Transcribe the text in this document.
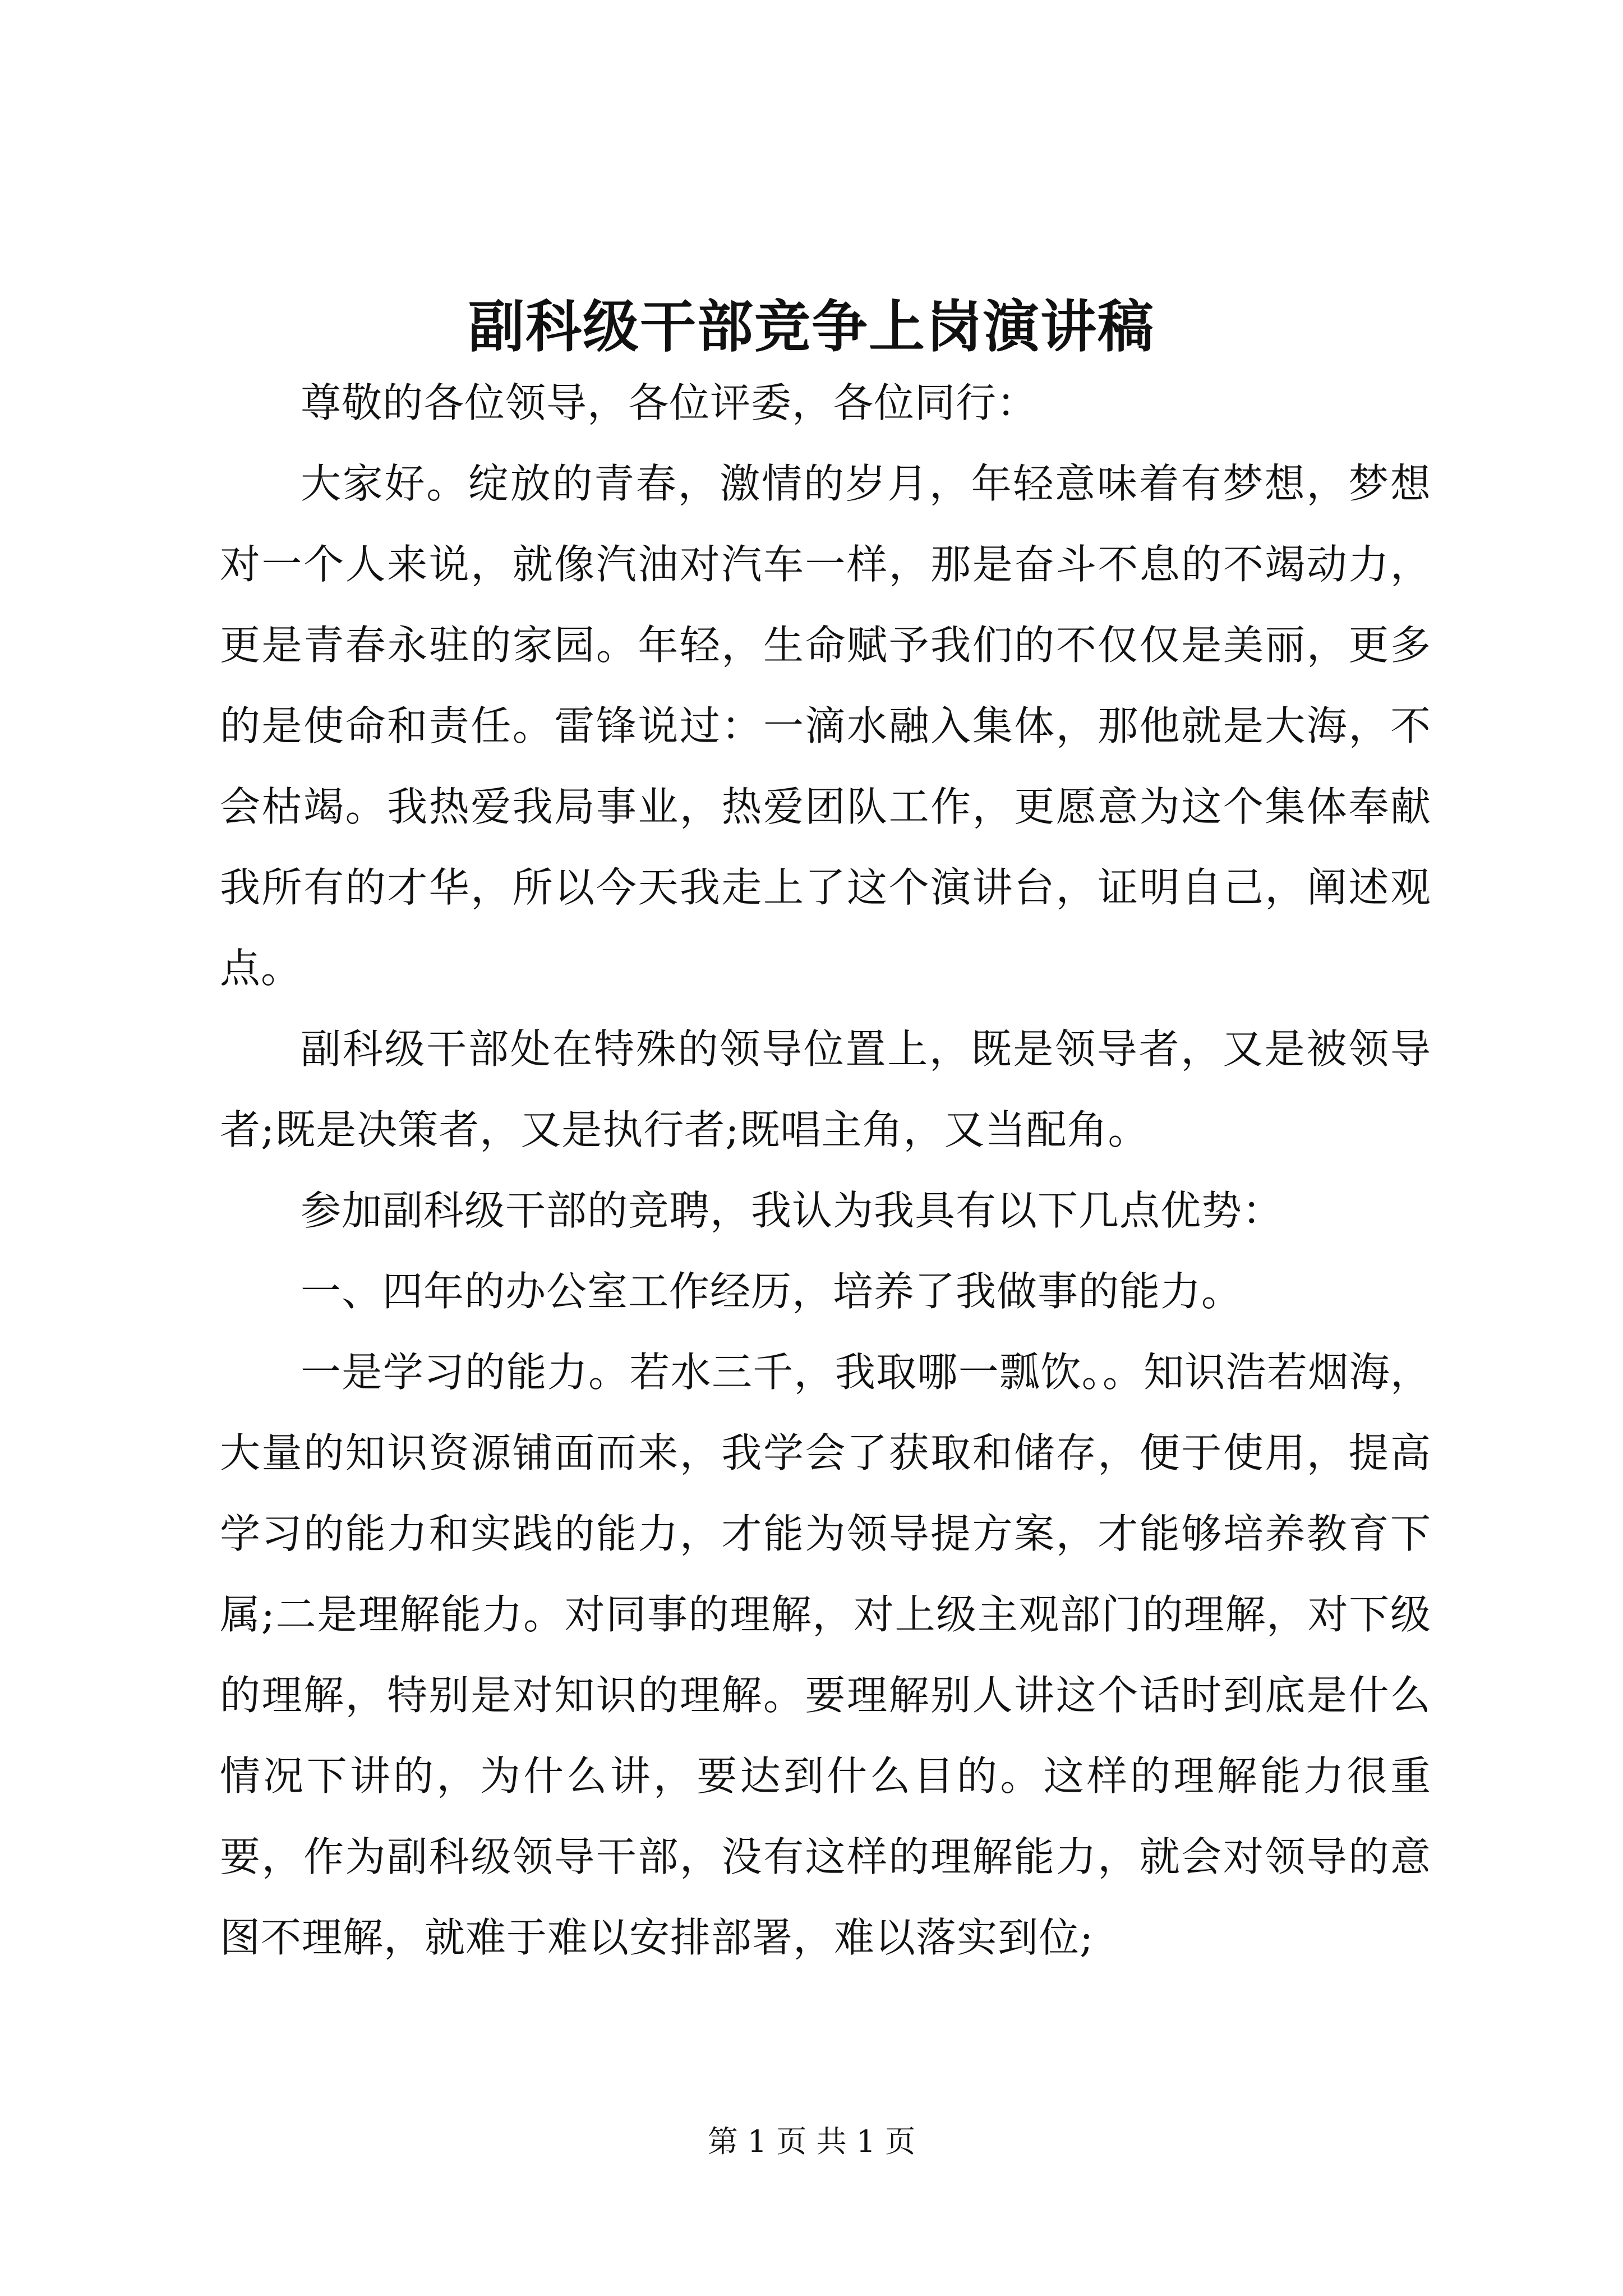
副科级干部竞争上岗演讲稿

尊敬的各位领导，各位评委，各位同行：

大家好。绽放的青春，激情的岁月，年轻意味着有梦想，梦想对一个人来说，就像汽油对汽车一样，那是奋斗不息的不竭动力，更是青春永驻的家园。年轻，生命赋予我们的不仅仅是美丽，更多的是使命和责任。雷锋说过：一滴水融入集体，那他就是大海，不会枯竭。我热爱我局事业，热爱团队工作，更愿意为这个集体奉献我所有的才华，所以今天我走上了这个演讲台，证明自己，阐述观点。

副科级干部处在特殊的领导位置上，既是领导者，又是被领导者;既是决策者，又是执行者;既唱主角，又当配角。

参加副科级干部的竞聘，我认为我具有以下几点优势：

一、四年的办公室工作经历，培养了我做事的能力。

一是学习的能力。若水三千，我取哪一瓢饮。。知识浩若烟海，大量的知识资源铺面而来，我学会了获取和储存，便于使用，提高学习的能力和实践的能力，才能为领导提方案，才能够培养教育下属;二是理解能力。对同事的理解，对上级主观部门的理解，对下级的理解，特别是对知识的理解。要理解别人讲这个话时到底是什么情况下讲的，为什么讲，要达到什么目的。这样的理解能力很重要，作为副科级领导干部，没有这样的理解能力，就会对领导的意图不理解，就难于难以安排部署，难以落实到位;

第 1 页 共 1 页
